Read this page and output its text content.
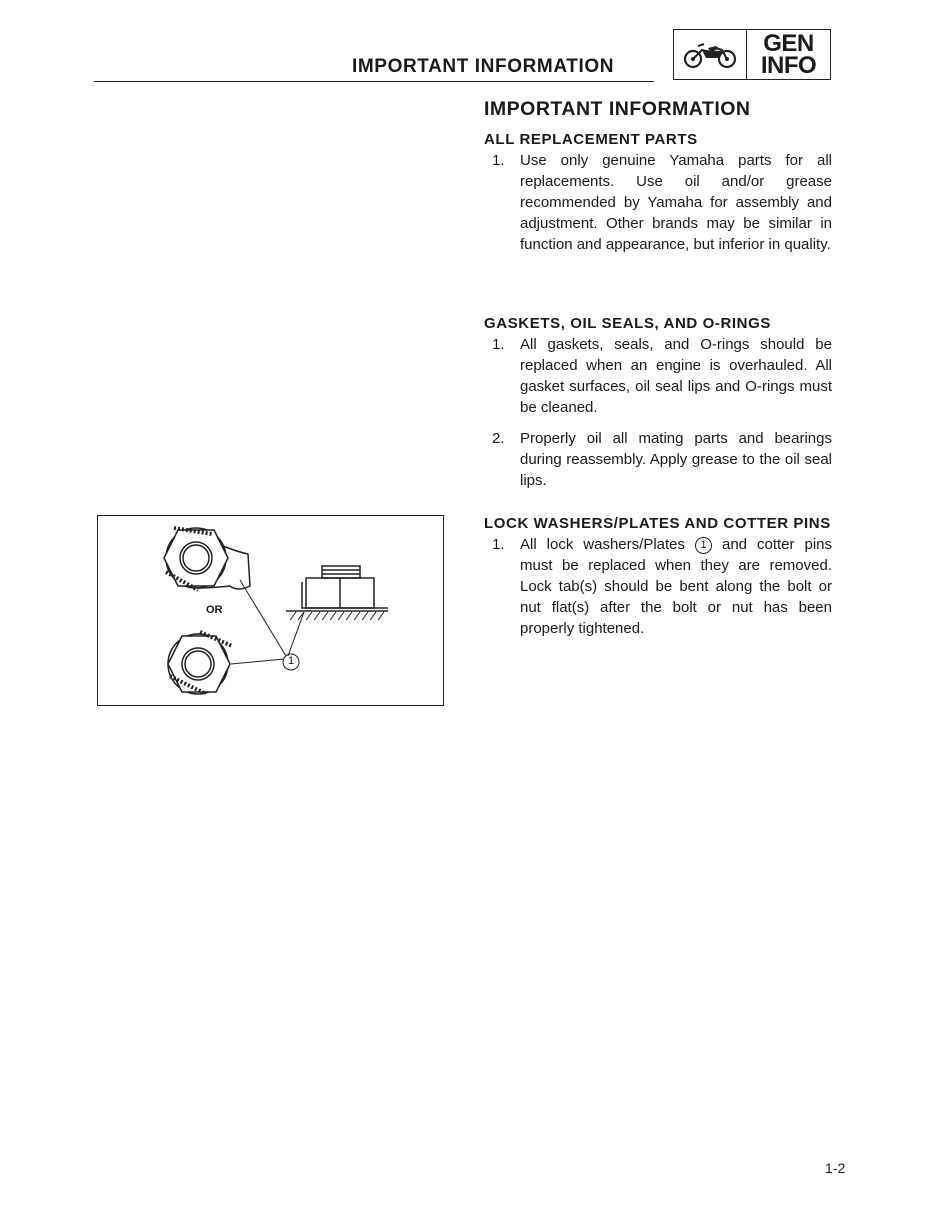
IMPORTANT INFORMATION
GEN
INFO
IMPORTANT INFORMATION
ALL REPLACEMENT PARTS
1.	Use only genuine Yamaha parts for all replacements. Use oil and/or grease recommended by Yamaha for assembly and adjustment. Other brands may be similar in function and appearance, but inferior in quality.
GASKETS, OIL SEALS, AND O-RINGS
1.	All gaskets, seals, and O-rings should be replaced when an engine is overhauled. All gasket surfaces, oil seal lips and O-rings must be cleaned.
2.	Properly oil all mating parts and bearings during reassembly. Apply grease to the oil seal lips.
LOCK WASHERS/PLATES AND COTTER PINS
1.	All lock washers/Plates 1 and cotter pins must be replaced when they are removed. Lock tab(s) should be bent along the bolt or nut flat(s) after the bolt or nut has been properly tightened.
OR
1
1-2
